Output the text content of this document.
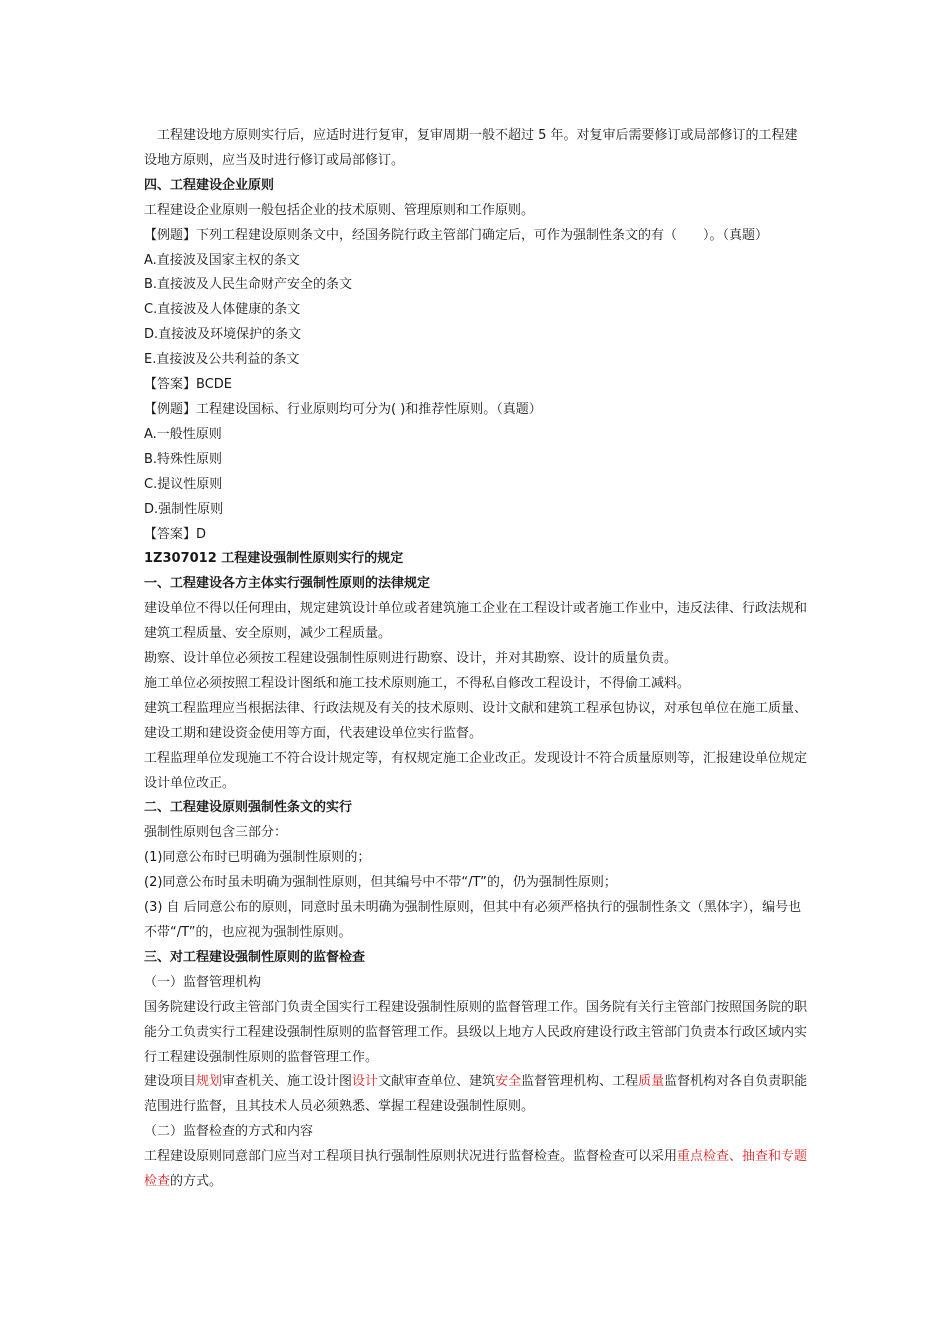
工程建设地方原则实行后，应适时进行复审，复审周期一般不超过 5 年。对复审后需要修订或局部修订的工程建设地方原则，应当及时进行修订或局部修订。

四、工程建设企业原则

工程建设企业原则一般包括企业的技术原则、管理原则和工作原则。

【例题】下列工程建设原则条文中，经国务院行政主管部门确定后，可作为强制性条文的有（　　）。（真题）

A.直接波及国家主权的条文

B.直接波及人民生命财产安全的条文

C.直接波及人体健康的条文

D.直接波及环境保护的条文

E.直接波及公共利益的条文

【答案】BCDE

【例题】工程建设国标、行业原则均可分为( )和推荐性原则。（真题）

A.一般性原则

B.特殊性原则

C.提议性原则

D.强制性原则

【答案】D

1Z307012 工程建设强制性原则实行的规定

一、工程建设各方主体实行强制性原则的法律规定

建设单位不得以任何理由，规定建筑设计单位或者建筑施工企业在工程设计或者施工作业中，违反法律、行政法规和建筑工程质量、安全原则，减少工程质量。

勘察、设计单位必须按工程建设强制性原则进行勘察、设计，并对其勘察、设计的质量负责。

施工单位必须按照工程设计图纸和施工技术原则施工，不得私自修改工程设计，不得偷工减料。

建筑工程监理应当根据法律、行政法规及有关的技术原则、设计文献和建筑工程承包协议，对承包单位在施工质量、建设工期和建设资金使用等方面，代表建设单位实行监督。

工程监理单位发现施工不符合设计规定等，有权规定施工企业改正。发现设计不符合质量原则等，汇报建设单位规定设计单位改正。

二、工程建设原则强制性条文的实行

强制性原则包含三部分：

(1)同意公布时已明确为强制性原则的；

(2)同意公布时虽未明确为强制性原则，但其编号中不带“/T”的，仍为强制性原则；

(3) 自 后同意公布的原则，同意时虽未明确为强制性原则，但其中有必须严格执行的强制性条文（黑体字），编号也不带“/T”的，也应视为强制性原则。

三、对工程建设强制性原则的监督检查

（一）监督管理机构

国务院建设行政主管部门负责全国实行工程建设强制性原则的监督管理工作。国务院有关行主管部门按照国务院的职能分工负责实行工程建设强制性原则的监督管理工作。县级以上地方人民政府建设行政主管部门负责本行政区域内实行工程建设强制性原则的监督管理工作。

建设项目规划审查机关、施工设计图设计文献审查单位、建筑安全监督管理机构、工程质量监督机构对各自负责职能范围进行监督，且其技术人员必须熟悉、掌握工程建设强制性原则。

（二）监督检查的方式和内容

工程建设原则同意部门应当对工程项目执行强制性原则状况进行监督检查。监督检查可以采用重点检查、抽查和专题检查的方式。
